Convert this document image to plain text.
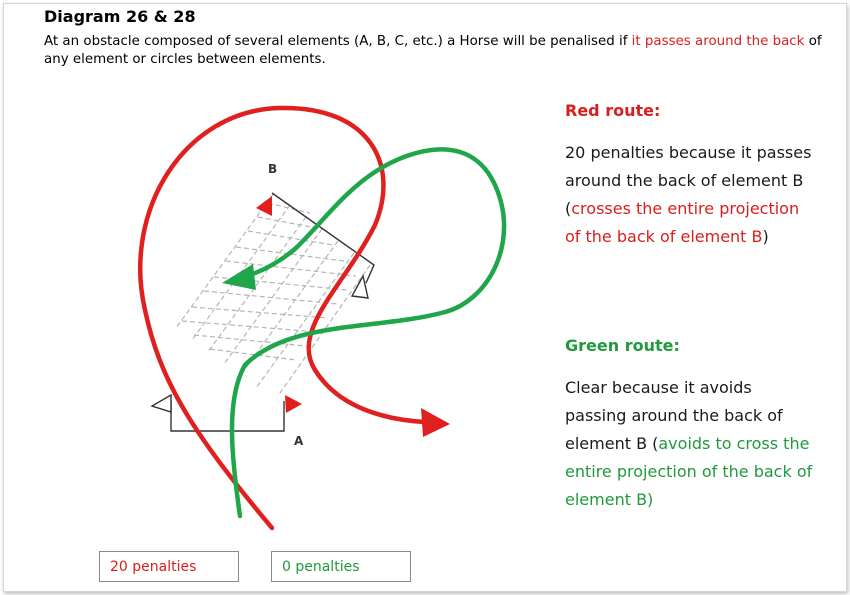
Diagram 26 & 28
At an obstacle composed of several elements (A, B, C, etc.) a Horse will be penalised if it passes around the back of any element or circles between elements.
B
A
Red route:
20 penalties because it passes around the back of element B (crosses the entire projection of the back of element B)
Green route:
Clear because it avoids passing around the back of element B (avoids to cross the entire projection of the back of element B)
20 penalties	0 penalties
